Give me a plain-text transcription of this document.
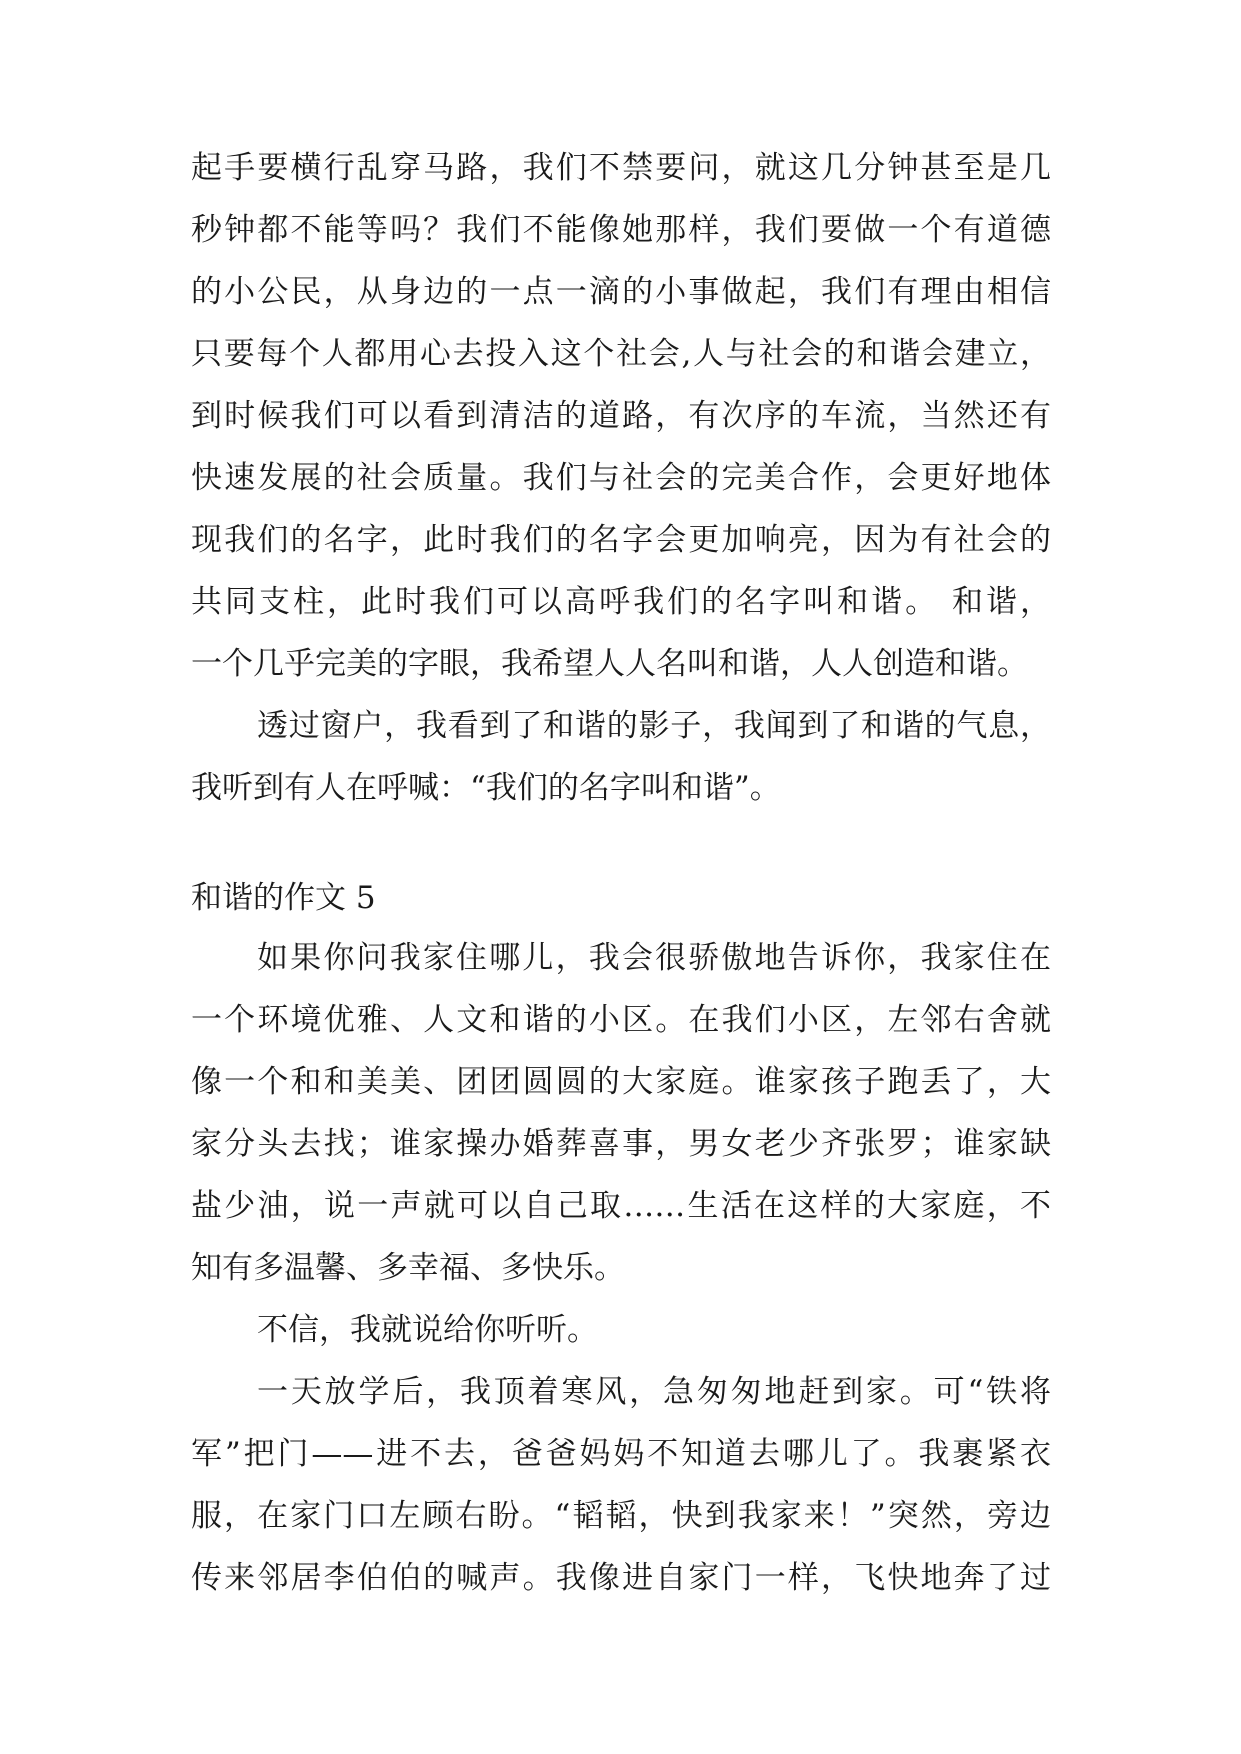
起手要横行乱穿马路，我们不禁要问，就这几分钟甚至是几

秒钟都不能等吗？我们不能像她那样，我们要做一个有道德

的小公民，从身边的一点一滴的小事做起，我们有理由相信

只要每个人都用心去投入这个社会,人与社会的和谐会建立，

到时候我们可以看到清洁的道路，有次序的车流，当然还有

快速发展的社会质量。我们与社会的完美合作，会更好地体

现我们的名字，此时我们的名字会更加响亮，因为有社会的

共同支柱，此时我们可以高呼我们的名字叫和谐。 和谐，

一个几乎完美的字眼，我希望人人名叫和谐，人人创造和谐。

透过窗户，我看到了和谐的影子，我闻到了和谐的气息，

我听到有人在呼喊：“我们的名字叫和谐”。

和谐的作文 5

如果你问我家住哪儿，我会很骄傲地告诉你，我家住在

一个环境优雅、人文和谐的小区。在我们小区，左邻右舍就

像一个和和美美、团团圆圆的大家庭。谁家孩子跑丢了，大

家分头去找；谁家操办婚葬喜事，男女老少齐张罗；谁家缺

盐少油，说一声就可以自己取……生活在这样的大家庭，不

知有多温馨、多幸福、多快乐。

不信，我就说给你听听。

一天放学后，我顶着寒风，急匆匆地赶到家。可“铁将

军”把门——进不去，爸爸妈妈不知道去哪儿了。我裹紧衣

服，在家门口左顾右盼。“韬韬，快到我家来！”突然，旁边

传来邻居李伯伯的喊声。我像进自家门一样，飞快地奔了过
